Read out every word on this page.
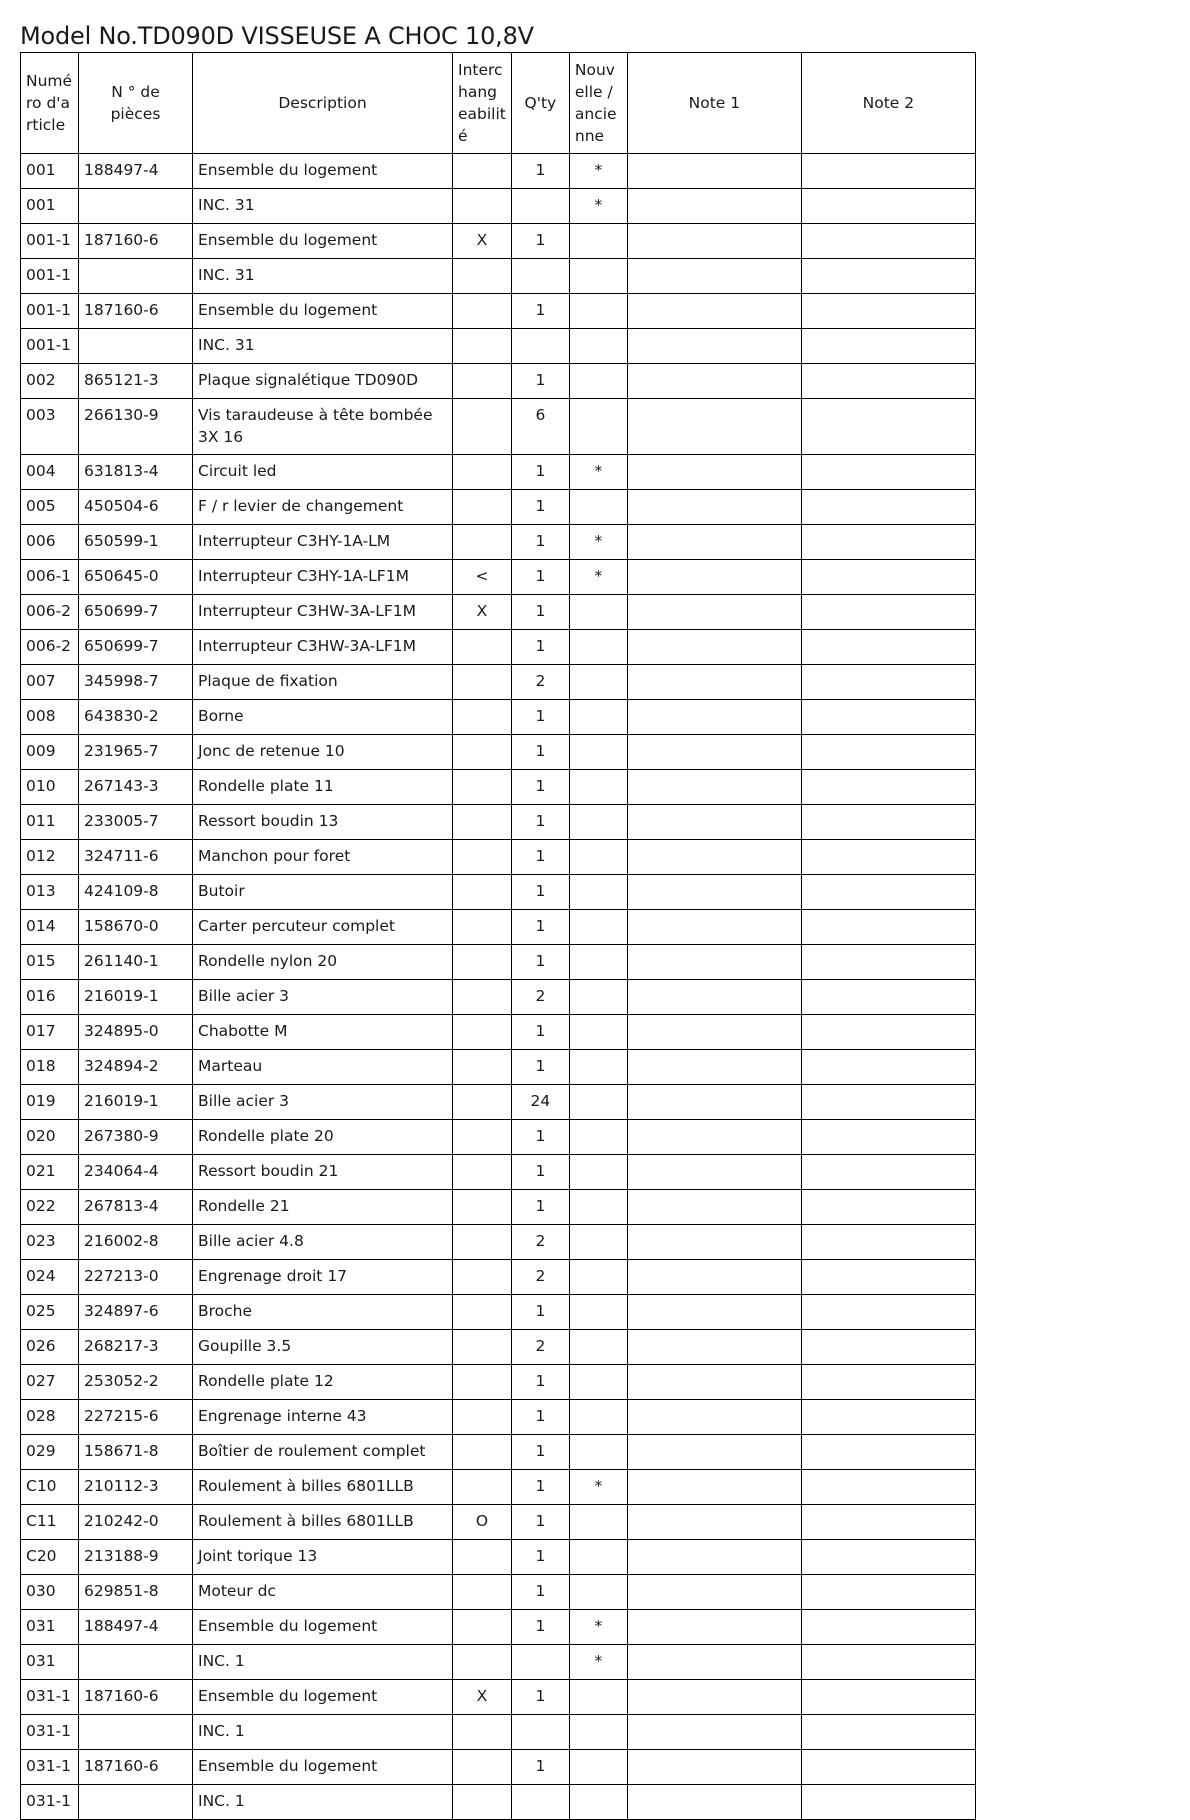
Model No.TD090D VISSEUSE A CHOC 10,8V
Numé ro d'a rticle	N ° de pièces	Description	Interc hang eabilit é	Q'ty	Nouv elle / ancie nne	Note 1	Note 2
001	188497-4	Ensemble du logement		1	*		
001		INC. 31			*		
001-1	187160-6	Ensemble du logement	X	1			
001-1		INC. 31					
001-1	187160-6	Ensemble du logement		1			
001-1		INC. 31					
002	865121-3	Plaque signalétique TD090D		1			
003	266130-9	Vis taraudeuse à tête bombée 3X 16		6			
004	631813-4	Circuit led		1	*		
005	450504-6	F / r levier de changement		1			
006	650599-1	Interrupteur C3HY-1A-LM		1	*		
006-1	650645-0	Interrupteur C3HY-1A-LF1M	<	1	*		
006-2	650699-7	Interrupteur C3HW-3A-LF1M	X	1			
006-2	650699-7	Interrupteur C3HW-3A-LF1M		1			
007	345998-7	Plaque de fixation		2			
008	643830-2	Borne		1			
009	231965-7	Jonc de retenue 10		1			
010	267143-3	Rondelle plate 11		1			
011	233005-7	Ressort boudin 13		1			
012	324711-6	Manchon pour foret		1			
013	424109-8	Butoir		1			
014	158670-0	Carter percuteur complet		1			
015	261140-1	Rondelle nylon 20		1			
016	216019-1	Bille acier 3		2			
017	324895-0	Chabotte M		1			
018	324894-2	Marteau		1			
019	216019-1	Bille acier 3		24			
020	267380-9	Rondelle plate 20		1			
021	234064-4	Ressort boudin 21		1			
022	267813-4	Rondelle 21		1			
023	216002-8	Bille acier 4.8		2			
024	227213-0	Engrenage droit 17		2			
025	324897-6	Broche		1			
026	268217-3	Goupille 3.5		2			
027	253052-2	Rondelle plate 12		1			
028	227215-6	Engrenage interne 43		1			
029	158671-8	Boîtier de roulement complet		1			
C10	210112-3	Roulement à billes 6801LLB		1	*		
C11	210242-0	Roulement à billes 6801LLB	O	1			
C20	213188-9	Joint torique 13		1			
030	629851-8	Moteur dc		1			
031	188497-4	Ensemble du logement		1	*		
031		INC. 1			*		
031-1	187160-6	Ensemble du logement	X	1			
031-1		INC. 1					
031-1	187160-6	Ensemble du logement		1			
031-1		INC. 1					
